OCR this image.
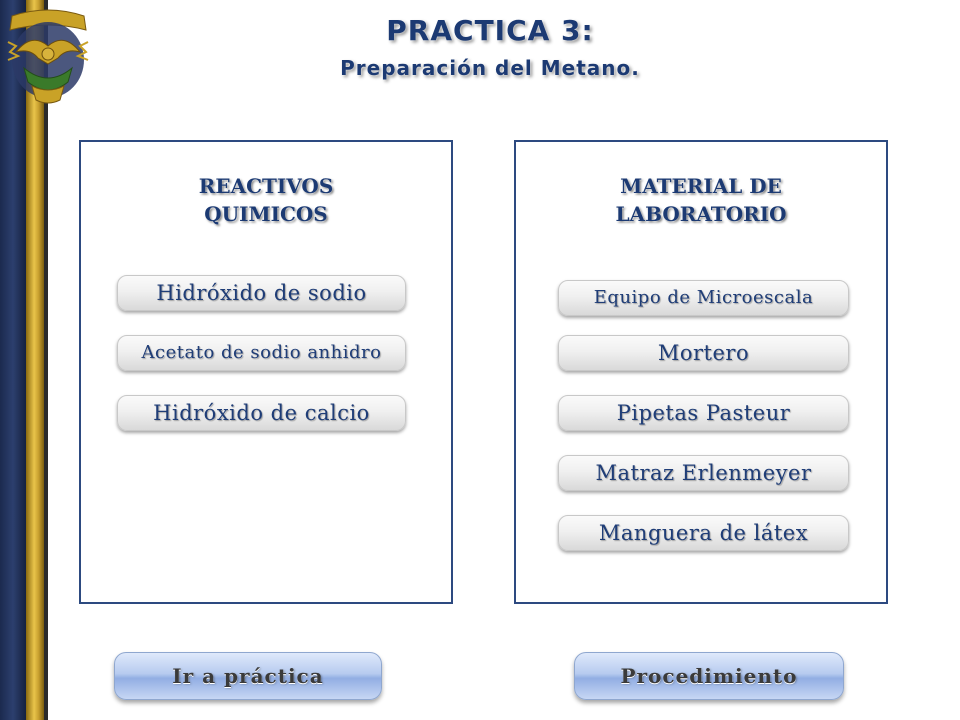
PRACTICA 3:
Preparación del Metano.
REACTIVOS
QUIMICOS
Hidróxido de sodio
Acetato de sodio anhidro
Hidróxido de calcio
MATERIAL DE
LABORATORIO
Equipo de Microescala
Mortero
Pipetas Pasteur
Matraz Erlenmeyer
Manguera de látex
Ir a práctica	Procedimiento
